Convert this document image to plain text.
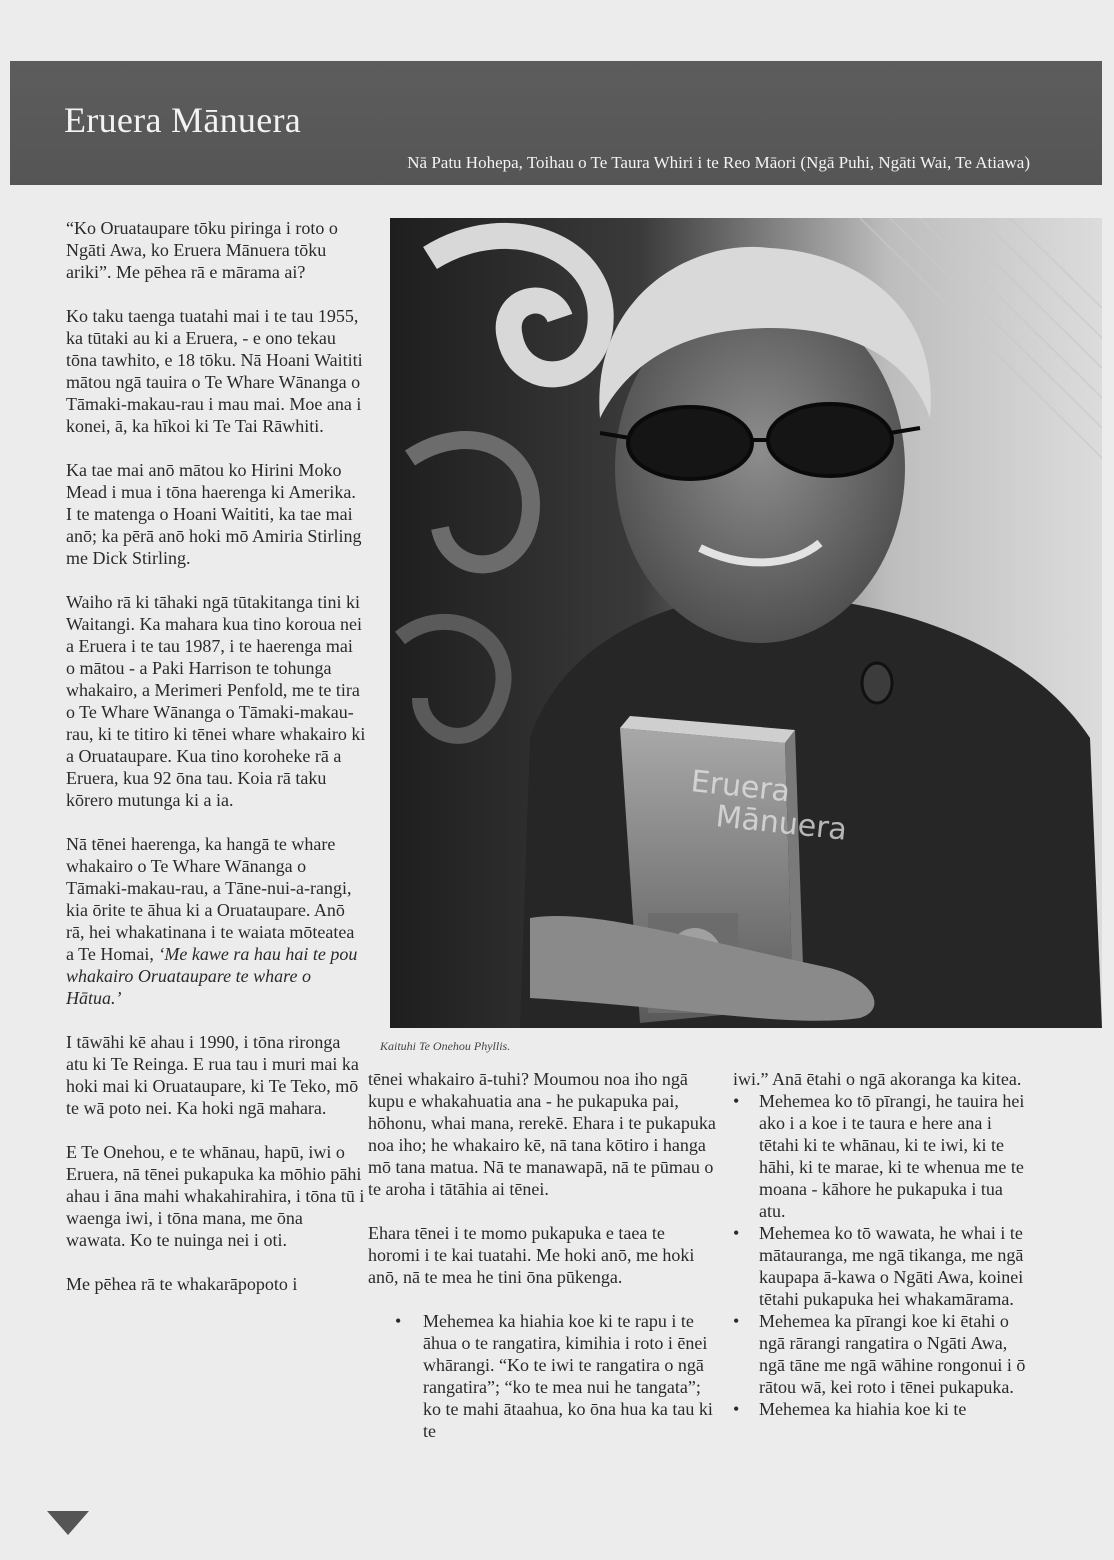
Eruera Mānuera
Nā Patu Hohepa, Toihau o Te Taura Whiri i te Reo Māori (Ngā Puhi, Ngāti Wai, Te Atiawa)

“Ko Oruataupare tōku piringa i roto o Ngāti Awa, ko Eruera Mānuera tōku ariki”. Me pēhea rā e mārama ai?

Ko taku taenga tuatahi mai i te tau 1955, ka tūtaki au ki a Eruera, - e ono tekau tōna tawhito, e 18 tōku. Nā Hoani Waititi mātou ngā tauira o Te Whare Wānanga o Tāmaki-makau-rau i mau mai. Moe ana i konei, ā, ka hīkoi ki Te Tai Rāwhiti.

Ka tae mai anō mātou ko Hirini Moko Mead i mua i tōna haerenga ki Amerika. I te matenga o Hoani Waititi, ka tae mai anō; ka pērā anō hoki mō Amiria Stirling me Dick Stirling.

Waiho rā ki tāhaki ngā tūtakitanga tini ki Waitangi. Ka mahara kua tino koroua nei a Eruera i te tau 1987, i te haerenga mai o mātou - a Paki Harrison te tohunga whakairo, a Merimeri Penfold, me te tira o Te Whare Wānanga o Tāmaki-makau-rau, ki te titiro ki tēnei whare whakairo ki a Oruataupare. Kua tino koroheke rā a Eruera, kua 92 ōna tau. Koia rā taku kōrero mutunga ki a ia.

Nā tēnei haerenga, ka hangā te whare whakairo o Te Whare Wānanga o Tāmaki-makau-rau, a Tāne-nui-a-rangi, kia ōrite te āhua ki a Oruataupare. Anō rā, hei whakatinana i te waiata mōteatea a Te Homai, ‘Me kawe ra hau hai te pou whakairo Oruataupare te whare o Hātua.’

I tāwāhi kē ahau i 1990, i tōna rironga atu ki Te Reinga. E rua tau i muri mai ka hoki mai ki Oruataupare, ki Te Teko, mō te wā poto nei. Ka hoki ngā mahara.

E Te Onehou, e te whānau, hapū, iwi o Eruera, nā tēnei pukapuka ka mōhio pāhi ahau i āna mahi whakahirahira, i tōna tū i waenga iwi, i tōna mana, me ōna wawata. Ko te nuinga nei i oti.

Me pēhea rā te whakarāpopoto i

Eruera
Mānuera
Kaituhi Te Onehou Phyllis.

tēnei whakairo ā-tuhi? Moumou noa iho ngā kupu e whakahuatia ana - he pukapuka pai, hōhonu, whai mana, rerekē. Ehara i te pukapuka noa iho; he whakairo kē, nā tana kōtiro i hanga mō tana matua. Nā te manawapā, nā te pūmau o te aroha i tātāhia ai tēnei.

Ehara tēnei i te momo pukapuka e taea te horomi i te kai tuatahi. Me hoki anō, me hoki anō, nā te mea he tini ōna pūkenga.

• Mehemea ka hiahia koe ki te rapu i te āhua o te rangatira, kimihia i roto i ēnei whārangi. “Ko te iwi te rangatira o ngā rangatira”; “ko te mea nui he tangata”; ko te mahi ātaahua, ko ōna hua ka tau ki te

iwi.” Anā ētahi o ngā akoranga ka kitea.

• Mehemea ko tō pīrangi, he tauira hei ako i a koe i te taura e here ana i tētahi ki te whānau, ki te iwi, ki te hāhi, ki te marae, ki te whenua me te moana - kāhore he pukapuka i tua atu.
• Mehemea ko tō wawata, he whai i te mātauranga, me ngā tikanga, me ngā kaupapa ā-kawa o Ngāti Awa, koinei tētahi pukapuka hei whakamārama.
• Mehemea ka pīrangi koe ki ētahi o ngā rārangi rangatira o Ngāti Awa, ngā tāne me ngā wāhine rongonui i ō rātou wā, kei roto i tēnei pukapuka.
• Mehemea ka hiahia koe ki te
6
